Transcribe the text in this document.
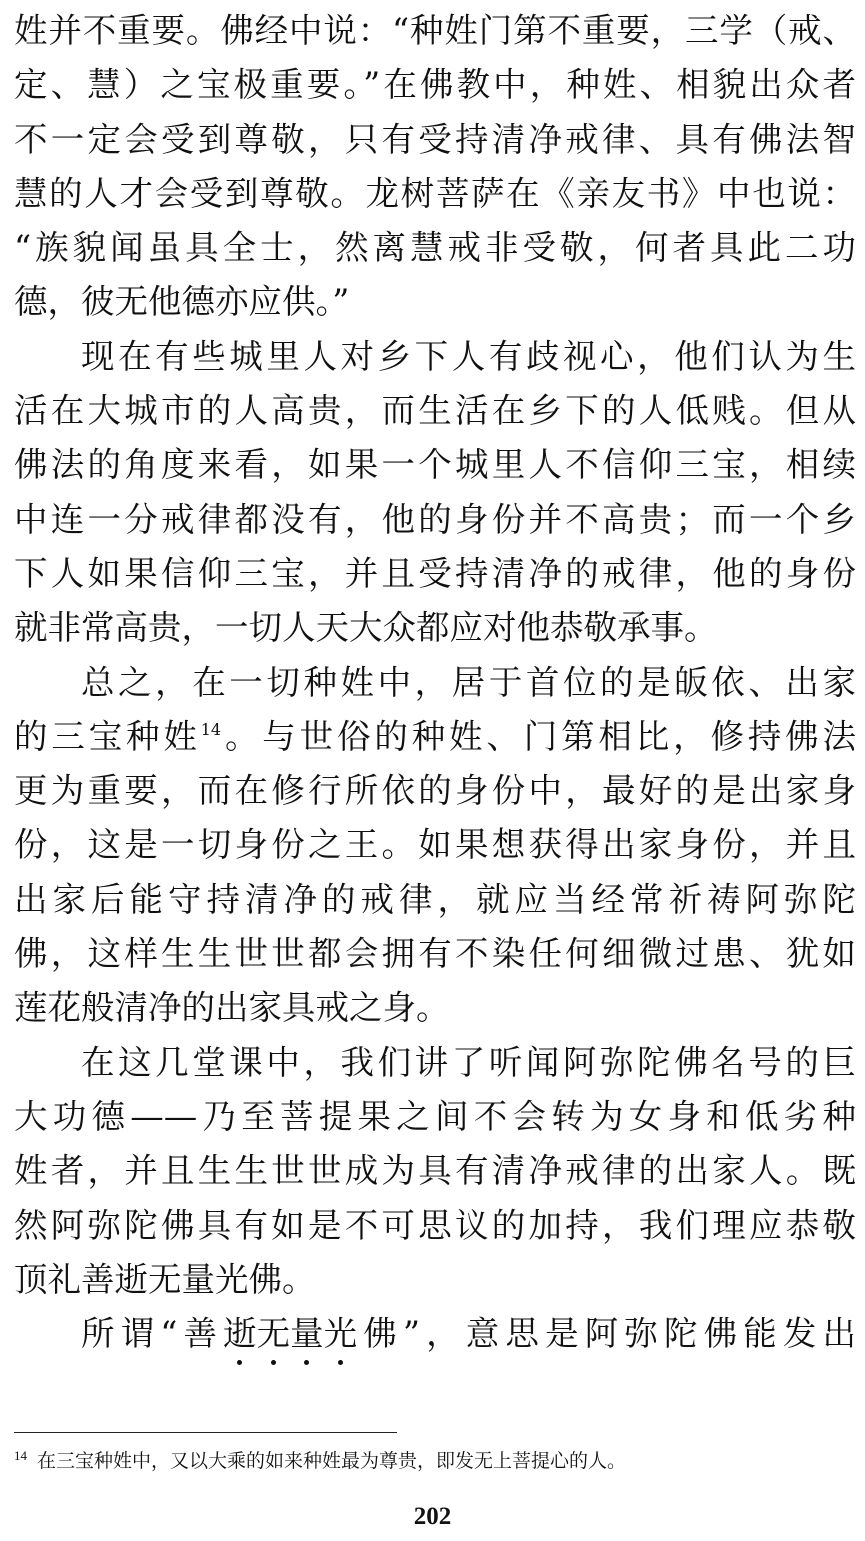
姓并不重要。佛经中说：“种姓门第不重要，三学（戒、
定、慧）之宝极重要。”在佛教中，种姓、相貌出众者
不一定会受到尊敬，只有受持清净戒律、具有佛法智
慧的人才会受到尊敬。龙树菩萨在《亲友书》中也说：
“族貌闻虽具全士，然离慧戒非受敬，何者具此二功
德，彼无他德亦应供。”
现在有些城里人对乡下人有歧视心，他们认为生
活在大城市的人高贵，而生活在乡下的人低贱。但从
佛法的角度来看，如果一个城里人不信仰三宝，相续
中连一分戒律都没有，他的身份并不高贵；而一个乡
下人如果信仰三宝，并且受持清净的戒律，他的身份
就非常高贵，一切人天大众都应对他恭敬承事。
总之，在一切种姓中，居于首位的是皈依、出家
的三宝种姓$^{14}$。与世俗的种姓、门第相比，修持佛法
更为重要，而在修行所依的身份中，最好的是出家身
份，这是一切身份之王。如果想获得出家身份，并且
出家后能守持清净的戒律，就应当经常祈祷阿弥陀
佛，这样生生世世都会拥有不染任何细微过患、犹如
莲花般清净的出家具戒之身。
在这几堂课中，我们讲了听闻阿弥陀佛名号的巨
大功德——乃至菩提果之间不会转为女身和低劣种
姓者，并且生生世世成为具有清净戒律的出家人。既
然阿弥陀佛具有如是不可思议的加持，我们理应恭敬
顶礼善逝无量光佛。
所谓“善逝无量光佛”，意思是阿弥陀佛能发出
$^{14}$ 在三宝种姓中，又以大乘的如来种姓最为尊贵，即发无上菩提心的人。
202
